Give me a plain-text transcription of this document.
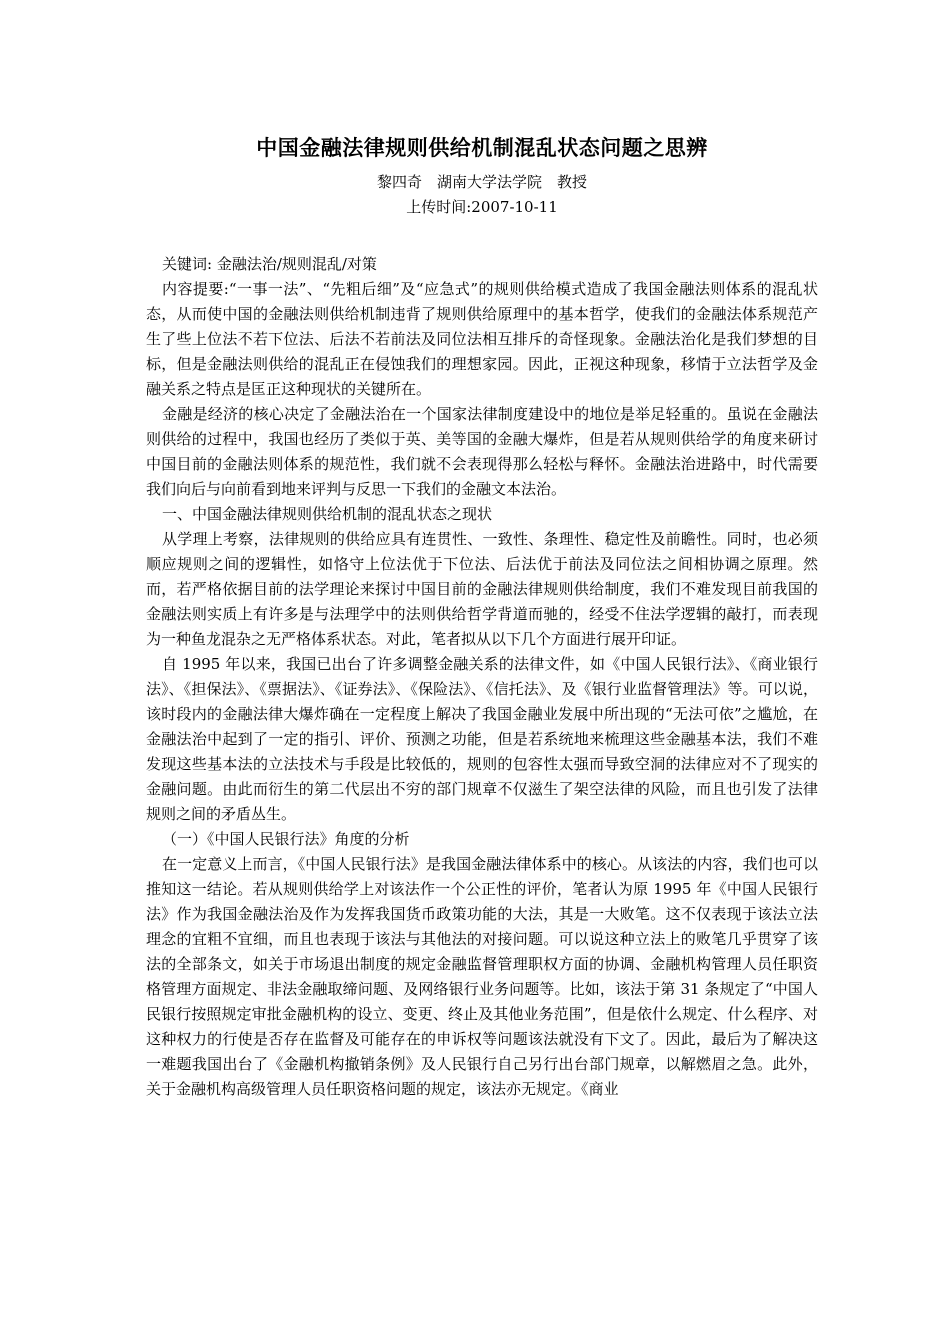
中国金融法律规则供给机制混乱状态问题之思辨

黎四奇　湖南大学法学院　教授

上传时间:2007-10-11

关键词: 金融法治/规则混乱/对策

内容提要:“一事一法”、“先粗后细”及“应急式”的规则供给模式造成了我国金融法则体系的混乱状态，从而使中国的金融法则供给机制违背了规则供给原理中的基本哲学，使我们的金融法体系规范产生了些上位法不若下位法、后法不若前法及同位法相互排斥的奇怪现象。金融法治化是我们梦想的目标，但是金融法则供给的混乱正在侵蚀我们的理想家园。因此，正视这种现象，移情于立法哲学及金融关系之特点是匡正这种现状的关键所在。

金融是经济的核心决定了金融法治在一个国家法律制度建设中的地位是举足轻重的。虽说在金融法则供给的过程中，我国也经历了类似于英、美等国的金融大爆炸，但是若从规则供给学的角度来研讨中国目前的金融法则体系的规范性，我们就不会表现得那么轻松与释怀。金融法治进路中，时代需要我们向后与向前看到地来评判与反思一下我们的金融文本法治。

一、中国金融法律规则供给机制的混乱状态之现状

从学理上考察，法律规则的供给应具有连贯性、一致性、条理性、稳定性及前瞻性。同时，也必须顺应规则之间的逻辑性，如恪守上位法优于下位法、后法优于前法及同位法之间相协调之原理。然而，若严格依据目前的法学理论来探讨中国目前的金融法律规则供给制度，我们不难发现目前我国的金融法则实质上有许多是与法理学中的法则供给哲学背道而驰的，经受不住法学逻辑的敲打，而表现为一种鱼龙混杂之无严格体系状态。对此，笔者拟从以下几个方面进行展开印证。

自 1995 年以来，我国已出台了许多调整金融关系的法律文件，如《中国人民银行法》、《商业银行法》、《担保法》、《票据法》、《证券法》、《保险法》、《信托法》、及《银行业监督管理法》等。可以说，该时段内的金融法律大爆炸确在一定程度上解决了我国金融业发展中所出现的“无法可依”之尴尬，在金融法治中起到了一定的指引、评价、预测之功能，但是若系统地来梳理这些金融基本法，我们不难发现这些基本法的立法技术与手段是比较低的，规则的包容性太强而导致空洞的法律应对不了现实的金融问题。由此而衍生的第二代层出不穷的部门规章不仅滋生了架空法律的风险，而且也引发了法律规则之间的矛盾丛生。

（一）《中国人民银行法》角度的分析

在一定意义上而言，《中国人民银行法》是我国金融法律体系中的核心。从该法的内容，我们也可以推知这一结论。若从规则供给学上对该法作一个公正性的评价，笔者认为原 1995 年《中国人民银行法》作为我国金融法治及作为发挥我国货币政策功能的大法，其是一大败笔。这不仅表现于该法立法理念的宜粗不宜细，而且也表现于该法与其他法的对接问题。可以说这种立法上的败笔几乎贯穿了该法的全部条文，如关于市场退出制度的规定金融监督管理职权方面的协调、金融机构管理人员任职资格管理方面规定、非法金融取缔问题、及网络银行业务问题等。比如，该法于第 31 条规定了“中国人民银行按照规定审批金融机构的设立、变更、终止及其他业务范围”，但是依什么规定、什么程序、对这种权力的行使是否存在监督及可能存在的申诉权等问题该法就没有下文了。因此，最后为了解决这一难题我国出台了《金融机构撤销条例》及人民银行自己另行出台部门规章，以解燃眉之急。此外，关于金融机构高级管理人员任职资格问题的规定，该法亦无规定。《商业
